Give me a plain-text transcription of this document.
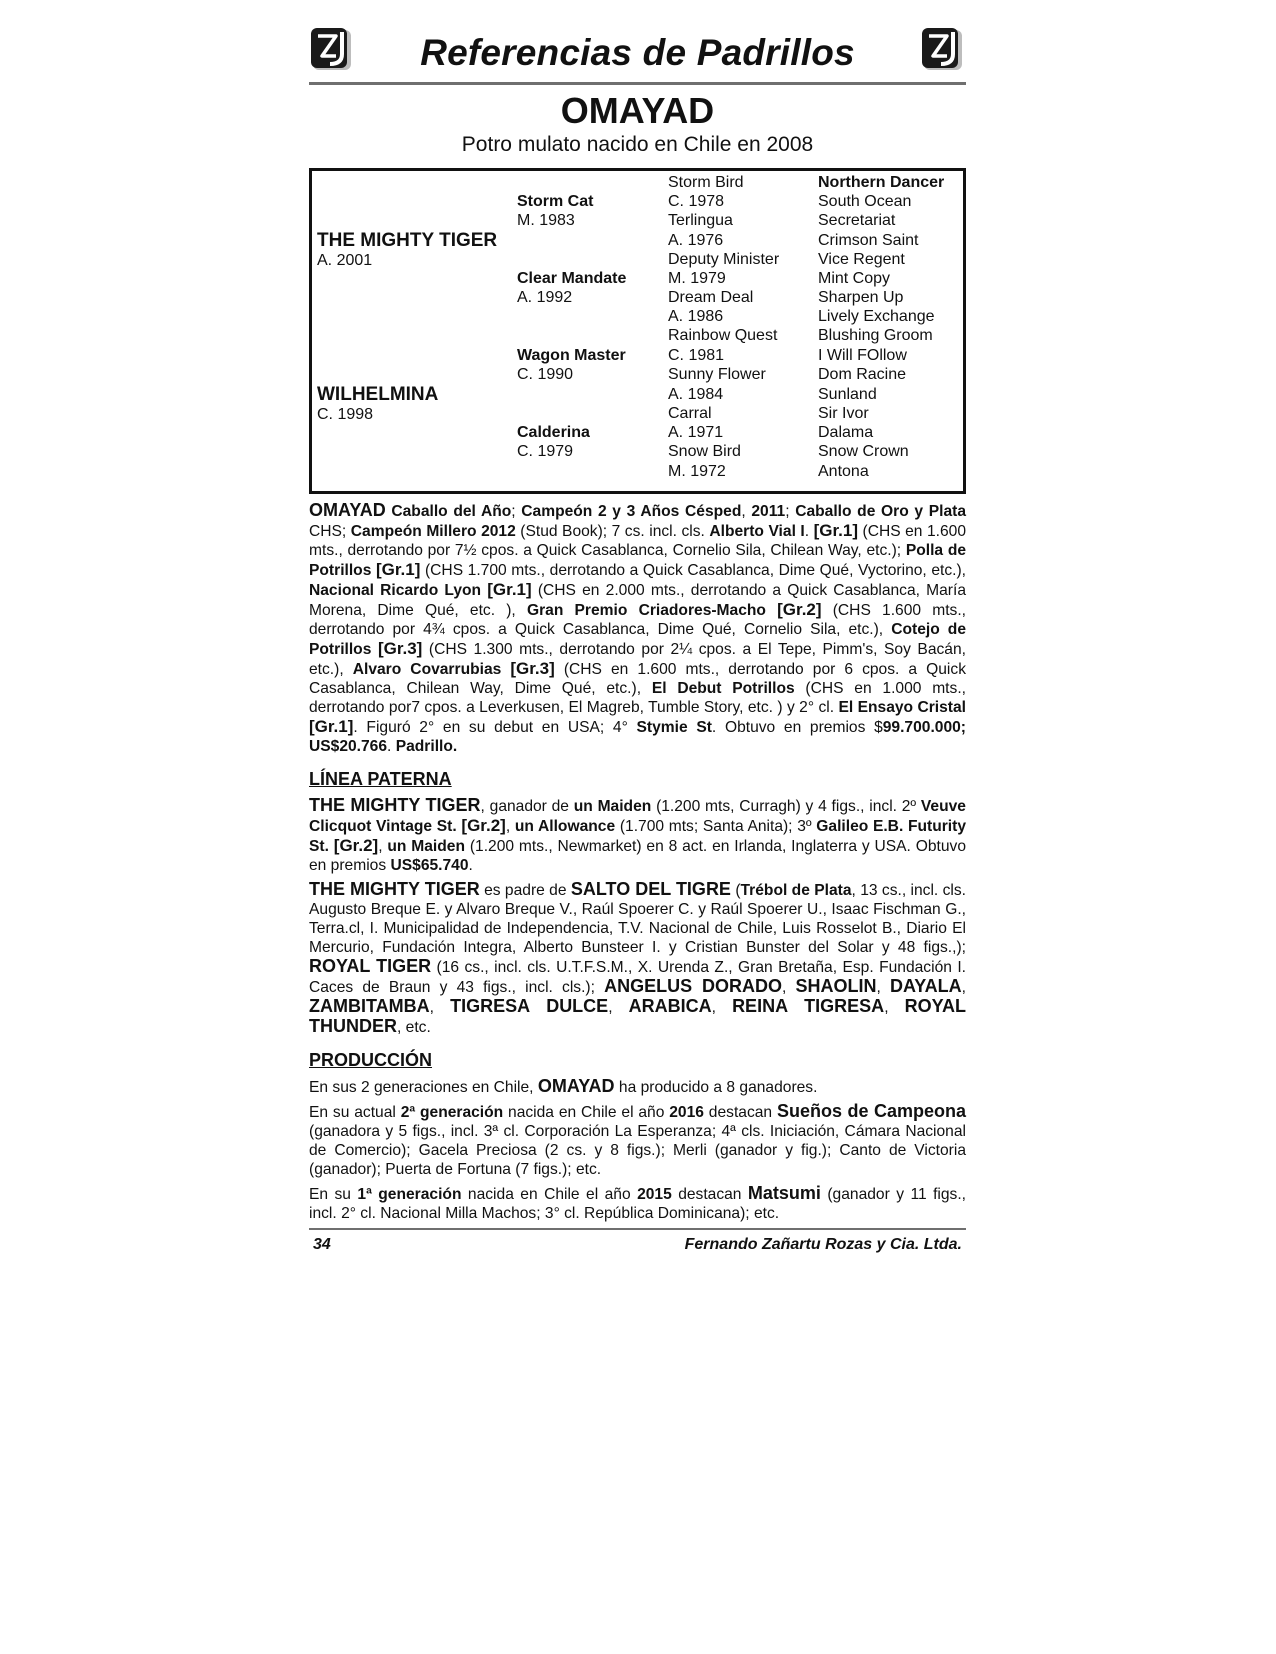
Referencias de Padrillos
OMAYAD
Potro mulato nacido en Chile en 2008
THE MIGHTY TIGER
A. 2001
WILHELMINA
C. 1998
Storm Cat
M. 1983
Clear Mandate
A. 1992
Wagon Master
C. 1990
Calderina
C. 1979
Storm Bird
C. 1978
Terlingua
A. 1976
Deputy Minister
M. 1979
Dream Deal
A. 1986
Rainbow Quest
C. 1981
Sunny Flower
A. 1984
Carral
A. 1971
Snow Bird
M. 1972
Northern Dancer
South Ocean
Secretariat
Crimson Saint
Vice Regent
Mint Copy
Sharpen Up
Lively Exchange
Blushing Groom
I Will FOllow
Dom Racine
Sunland
Sir Ivor
Dalama
Snow Crown
Antona

OMAYAD Caballo del Año; Campeón 2 y 3 Años Césped, 2011; Caballo de Oro y Plata CHS; Campeón Millero 2012 (Stud Book); 7 cs. incl. cls. Alberto Vial I. [Gr.1] (CHS en 1.600 mts., derrotando por 7½ cpos. a Quick Casablanca, Cornelio Sila, Chilean Way, etc.); Polla de Potrillos [Gr.1] (CHS 1.700 mts., derrotando a Quick Casablanca, Dime Qué, Vyctorino, etc.), Nacional Ricardo Lyon [Gr.1] (CHS en 2.000 mts., derrotando a Quick Casablanca, María Morena, Dime Qué, etc. ), Gran Premio Criadores-Macho [Gr.2] (CHS 1.600 mts., derrotando por 4¾ cpos. a Quick Casablanca, Dime Qué, Cornelio Sila, etc.), Cotejo de Potrillos [Gr.3] (CHS 1.300 mts., derrotando por 2¼ cpos. a El Tepe, Pimm's, Soy Bacán, etc.), Alvaro Covarrubias [Gr.3] (CHS en 1.600 mts., derrotando por 6 cpos. a Quick Casablanca, Chilean Way, Dime Qué, etc.), El Debut Potrillos (CHS en 1.000 mts., derrotando por7 cpos. a Leverkusen, El Magreb, Tumble Story, etc. ) y 2° cl. El Ensayo Cristal [Gr.1]. Figuró 2° en su debut en USA; 4° Stymie St. Obtuvo en premios $99.700.000; US$20.766. Padrillo.

LÍNEA PATERNA

THE MIGHTY TIGER, ganador de un Maiden (1.200 mts, Curragh) y 4 figs., incl. 2º Veuve Clicquot Vintage St. [Gr.2], un Allowance (1.700 mts; Santa Anita); 3º Galileo E.B. Futurity St. [Gr.2], un Maiden (1.200 mts., Newmarket) en 8 act. en Irlanda, Inglaterra y USA. Obtuvo en premios US$65.740.

THE MIGHTY TIGER es padre de SALTO DEL TIGRE (Trébol de Plata, 13 cs., incl. cls. Augusto Breque E. y Alvaro Breque V., Raúl Spoerer C. y Raúl Spoerer U., Isaac Fischman G., Terra.cl, I. Municipalidad de Independencia, T.V. Nacional de Chile, Luis Rosselot B., Diario El Mercurio, Fundación Integra, Alberto Bunsteer I. y Cristian Bunster del Solar y 48 figs.,); ROYAL TIGER (16 cs., incl. cls. U.T.F.S.M., X. Urenda Z., Gran Bretaña, Esp. Fundación I. Caces de Braun y 43 figs., incl. cls.); ANGELUS DORADO, SHAOLIN, DAYALA, ZAMBITAMBA, TIGRESA DULCE, ARABICA, REINA TIGRESA, ROYAL THUNDER, etc.

PRODUCCIÓN

En sus 2 generaciones en Chile, OMAYAD ha producido a 8 ganadores.

En su actual 2ª generación nacida en Chile el año 2016 destacan Sueños de Campeona (ganadora y 5 figs., incl. 3ª cl. Corporación La Esperanza; 4ª cls. Iniciación, Cámara Nacional de Comercio); Gacela Preciosa (2 cs. y 8 figs.); Merli (ganador y fig.); Canto de Victoria (ganador); Puerta de Fortuna (7 figs.); etc.

En su 1ª generación nacida en Chile el año 2015 destacan Matsumi (ganador y 11 figs., incl. 2° cl. Nacional Milla Machos; 3° cl. República Dominicana); etc.

34	Fernando Zañartu Rozas y Cia. Ltda.
